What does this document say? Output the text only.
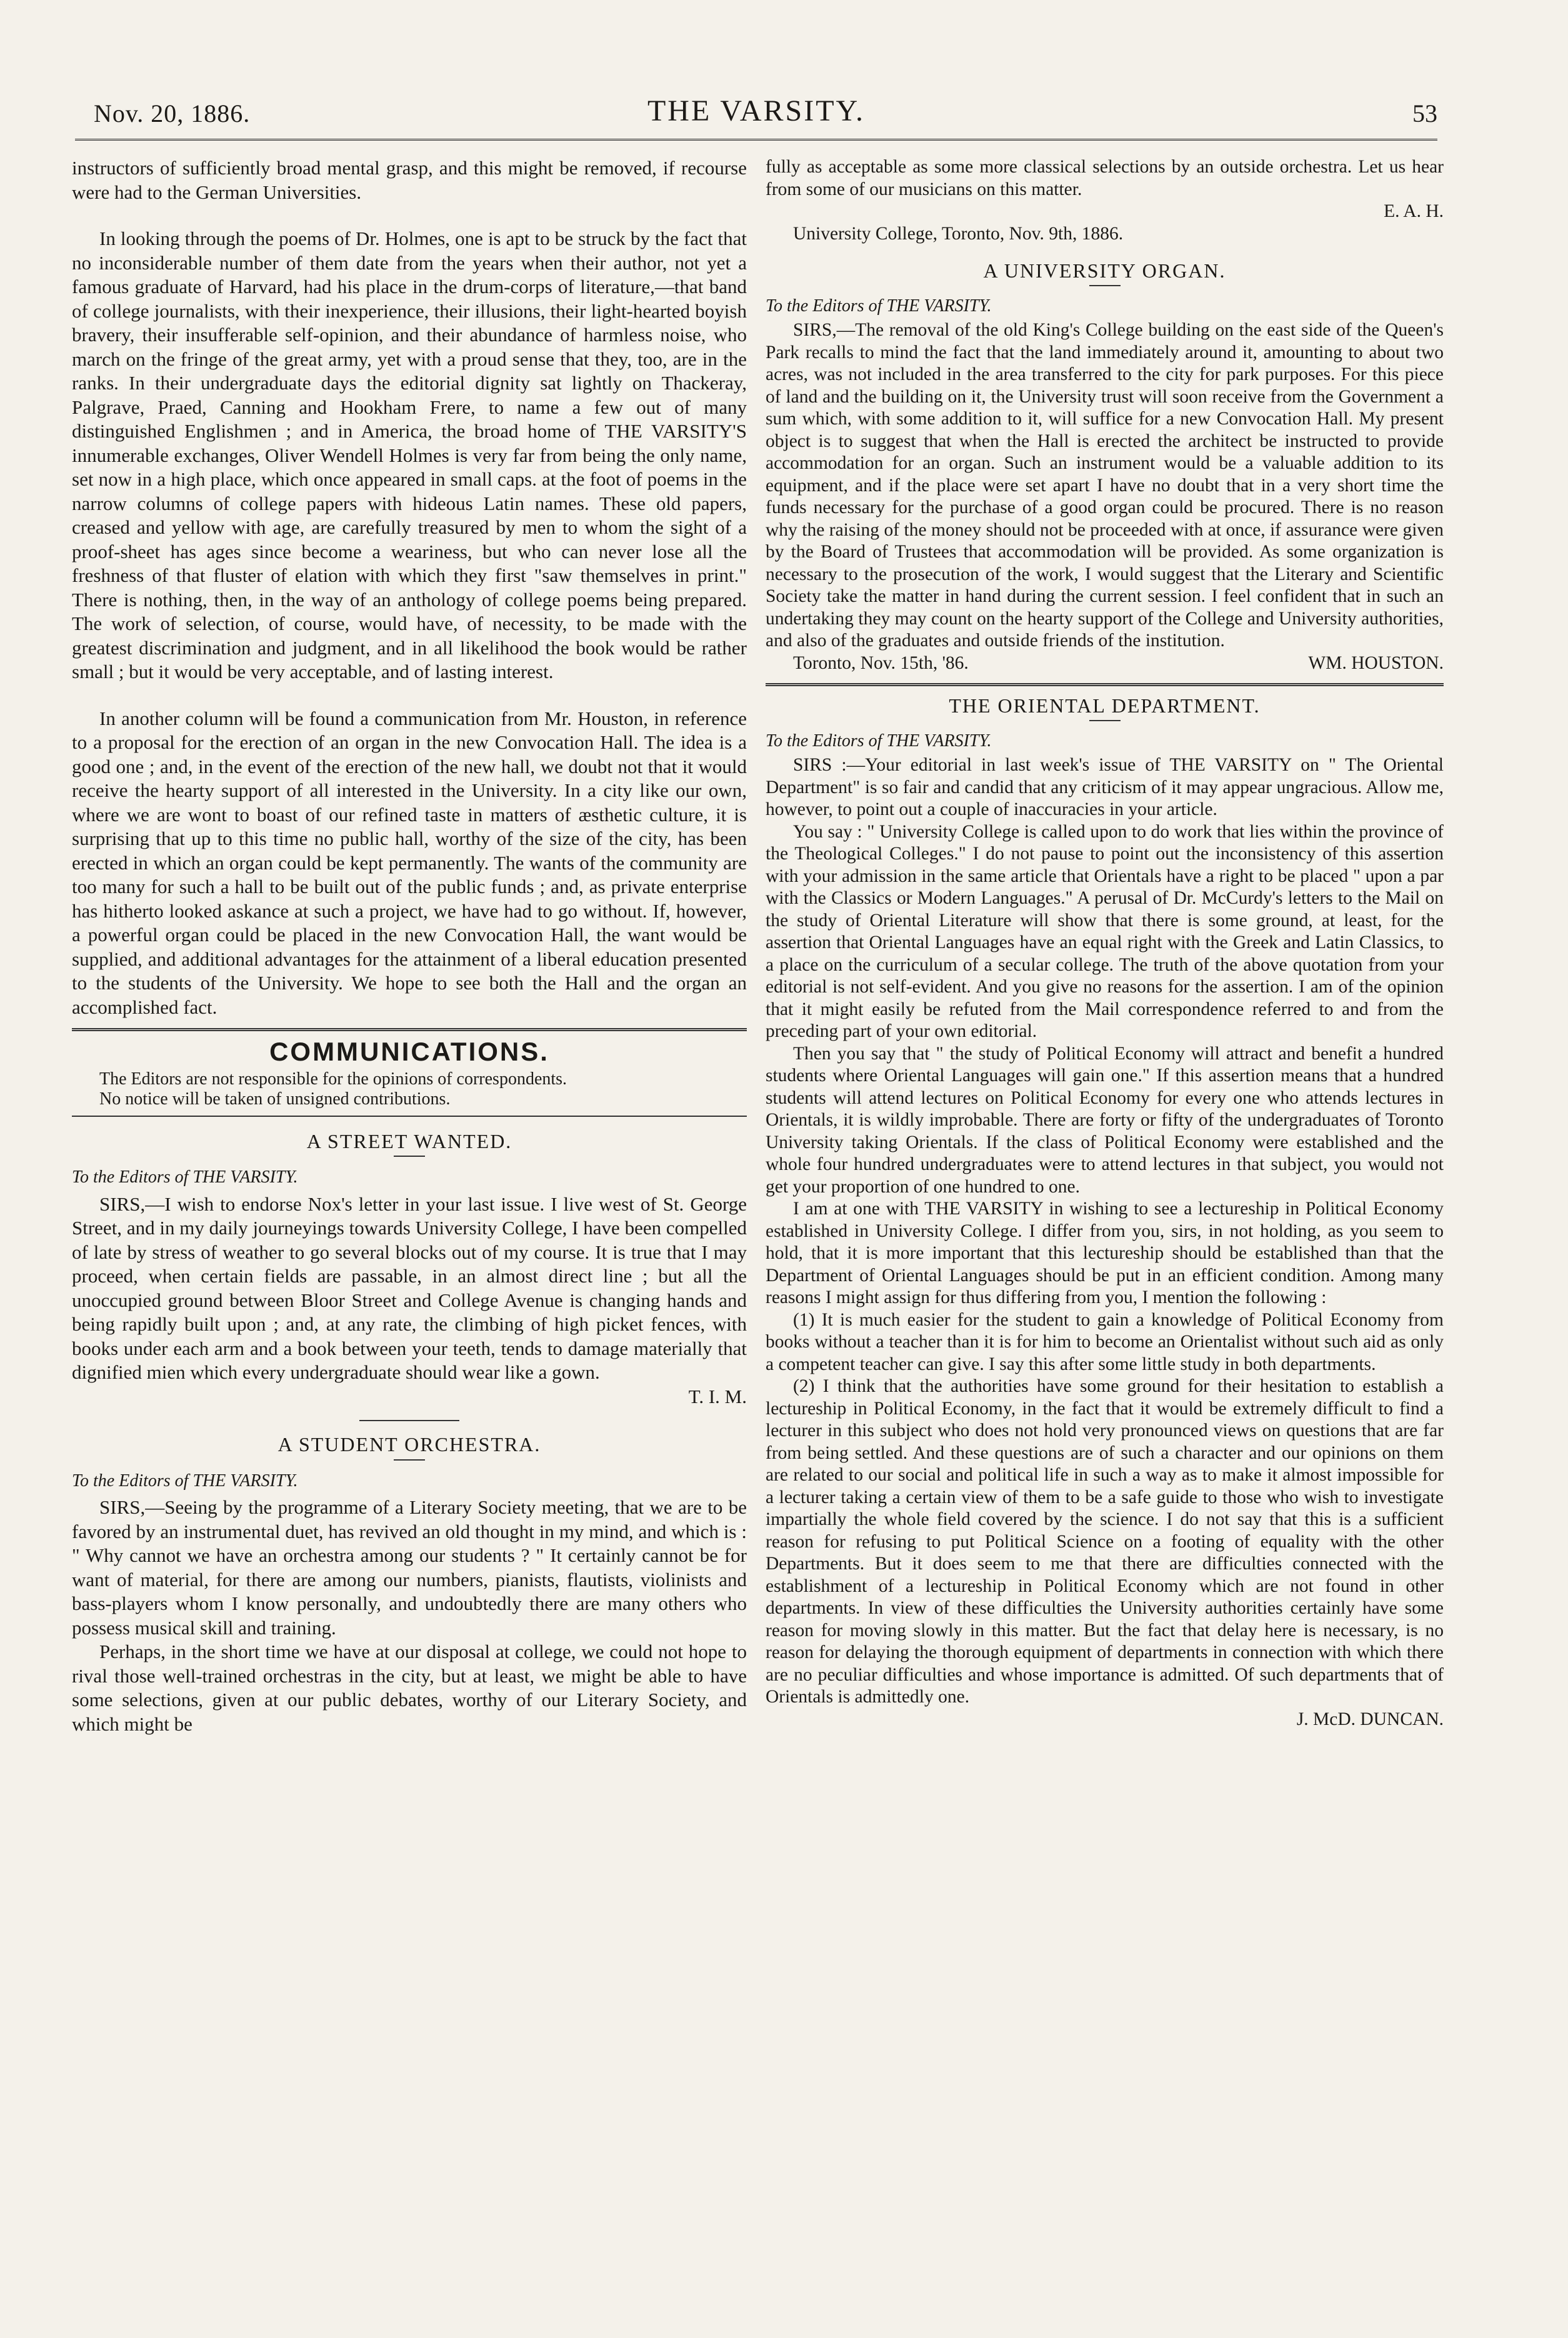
Nov. 20, 1886.	THE VARSITY.	53

instructors of sufficiently broad mental grasp, and this might be removed, if recourse were had to the German Universities.

In looking through the poems of Dr. Holmes, one is apt to be struck by the fact that no inconsiderable number of them date from the years when their author, not yet a famous graduate of Harvard, had his place in the drum-corps of literature,—that band of college journalists, with their inexperience, their illusions, their light-hearted boyish bravery, their insufferable self-opinion, and their abundance of harmless noise, who march on the fringe of the great army, yet with a proud sense that they, too, are in the ranks. In their undergraduate days the editorial dignity sat lightly on Thackeray, Palgrave, Praed, Canning and Hookham Frere, to name a few out of many distinguished Englishmen ; and in America, the broad home of THE VARSITY'S innumerable exchanges, Oliver Wendell Holmes is very far from being the only name, set now in a high place, which once appeared in small caps. at the foot of poems in the narrow columns of college papers with hideous Latin names. These old papers, creased and yellow with age, are carefully treasured by men to whom the sight of a proof-sheet has ages since become a weariness, but who can never lose all the freshness of that fluster of elation with which they first "saw themselves in print." There is nothing, then, in the way of an anthology of college poems being prepared. The work of selection, of course, would have, of necessity, to be made with the greatest discrimination and judgment, and in all likelihood the book would be rather small ; but it would be very acceptable, and of lasting interest.

In another column will be found a communication from Mr. Houston, in reference to a proposal for the erection of an organ in the new Convocation Hall. The idea is a good one ; and, in the event of the erection of the new hall, we doubt not that it would receive the hearty support of all interested in the University. In a city like our own, where we are wont to boast of our refined taste in matters of æsthetic culture, it is surprising that up to this time no public hall, worthy of the size of the city, has been erected in which an organ could be kept permanently. The wants of the community are too many for such a hall to be built out of the public funds ; and, as private enterprise has hitherto looked askance at such a project, we have had to go without. If, however, a powerful organ could be placed in the new Convocation Hall, the want would be supplied, and additional advantages for the attainment of a liberal education presented to the students of the University. We hope to see both the Hall and the organ an accomplished fact.

COMMUNICATIONS.

The Editors are not responsible for the opinions of correspondents.

No notice will be taken of unsigned contributions.

A STREET WANTED.

To the Editors of THE VARSITY.

SIRS,—I wish to endorse Nox's letter in your last issue. I live west of St. George Street, and in my daily journeyings towards University College, I have been compelled of late by stress of weather to go several blocks out of my course. It is true that I may proceed, when certain fields are passable, in an almost direct line ; but all the unoccupied ground between Bloor Street and College Avenue is changing hands and being rapidly built upon ; and, at any rate, the climbing of high picket fences, with books under each arm and a book between your teeth, tends to damage materially that dignified mien which every undergraduate should wear like a gown.

T. I. M.

A STUDENT ORCHESTRA.

To the Editors of THE VARSITY.

SIRS,—Seeing by the programme of a Literary Society meeting, that we are to be favored by an instrumental duet, has revived an old thought in my mind, and which is : " Why cannot we have an orchestra among our students ? " It certainly cannot be for want of material, for there are among our numbers, pianists, flautists, violinists and bass-players whom I know personally, and undoubtedly there are many others who possess musical skill and training.

Perhaps, in the short time we have at our disposal at college, we could not hope to rival those well-trained orchestras in the city, but at least, we might be able to have some selections, given at our public debates, worthy of our Literary Society, and which might be

fully as acceptable as some more classical selections by an outside orchestra. Let us hear from some of our musicians on this matter.

E. A. H.

University College, Toronto, Nov. 9th, 1886.

A UNIVERSITY ORGAN.

To the Editors of THE VARSITY.

SIRS,—The removal of the old King's College building on the east side of the Queen's Park recalls to mind the fact that the land immediately around it, amounting to about two acres, was not included in the area transferred to the city for park purposes. For this piece of land and the building on it, the University trust will soon receive from the Government a sum which, with some addition to it, will suffice for a new Convocation Hall. My present object is to suggest that when the Hall is erected the architect be instructed to provide accommodation for an organ. Such an instrument would be a valuable addition to its equipment, and if the place were set apart I have no doubt that in a very short time the funds necessary for the purchase of a good organ could be procured. There is no reason why the raising of the money should not be proceeded with at once, if assurance were given by the Board of Trustees that accommodation will be provided. As some organization is necessary to the prosecution of the work, I would suggest that the Literary and Scientific Society take the matter in hand during the current session. I feel confident that in such an undertaking they may count on the hearty support of the College and University authorities, and also of the graduates and outside friends of the institution.

Toronto, Nov. 15th, '86.	WM. HOUSTON.
THE ORIENTAL DEPARTMENT.

To the Editors of THE VARSITY.

SIRS :—Your editorial in last week's issue of THE VARSITY on " The Oriental Department" is so fair and candid that any criticism of it may appear ungracious. Allow me, however, to point out a couple of inaccuracies in your article.

You say : " University College is called upon to do work that lies within the province of the Theological Colleges." I do not pause to point out the inconsistency of this assertion with your admission in the same article that Orientals have a right to be placed " upon a par with the Classics or Modern Languages." A perusal of Dr. McCurdy's letters to the Mail on the study of Oriental Literature will show that there is some ground, at least, for the assertion that Oriental Languages have an equal right with the Greek and Latin Classics, to a place on the curriculum of a secular college. The truth of the above quotation from your editorial is not self-evident. And you give no reasons for the assertion. I am of the opinion that it might easily be refuted from the Mail correspondence referred to and from the preceding part of your own editorial.

Then you say that " the study of Political Economy will attract and benefit a hundred students where Oriental Languages will gain one." If this assertion means that a hundred students will attend lectures on Political Economy for every one who attends lectures in Orientals, it is wildly improbable. There are forty or fifty of the undergraduates of Toronto University taking Orientals. If the class of Political Economy were established and the whole four hundred undergraduates were to attend lectures in that subject, you would not get your proportion of one hundred to one.

I am at one with THE VARSITY in wishing to see a lectureship in Political Economy established in University College. I differ from you, sirs, in not holding, as you seem to hold, that it is more important that this lectureship should be established than that the Department of Oriental Languages should be put in an efficient condition. Among many reasons I might assign for thus differing from you, I mention the following :

(1) It is much easier for the student to gain a knowledge of Political Economy from books without a teacher than it is for him to become an Orientalist without such aid as only a competent teacher can give. I say this after some little study in both departments.

(2) I think that the authorities have some ground for their hesitation to establish a lectureship in Political Economy, in the fact that it would be extremely difficult to find a lecturer in this subject who does not hold very pronounced views on questions that are far from being settled. And these questions are of such a character and our opinions on them are related to our social and political life in such a way as to make it almost impossible for a lecturer taking a certain view of them to be a safe guide to those who wish to investigate impartially the whole field covered by the science. I do not say that this is a sufficient reason for refusing to put Political Science on a footing of equality with the other Departments. But it does seem to me that there are difficulties connected with the establishment of a lectureship in Political Economy which are not found in other departments. In view of these difficulties the University authorities certainly have some reason for moving slowly in this matter. But the fact that delay here is necessary, is no reason for delaying the thorough equipment of departments in connection with which there are no peculiar difficulties and whose importance is admitted. Of such departments that of Orientals is admittedly one.

J. McD. DUNCAN.
